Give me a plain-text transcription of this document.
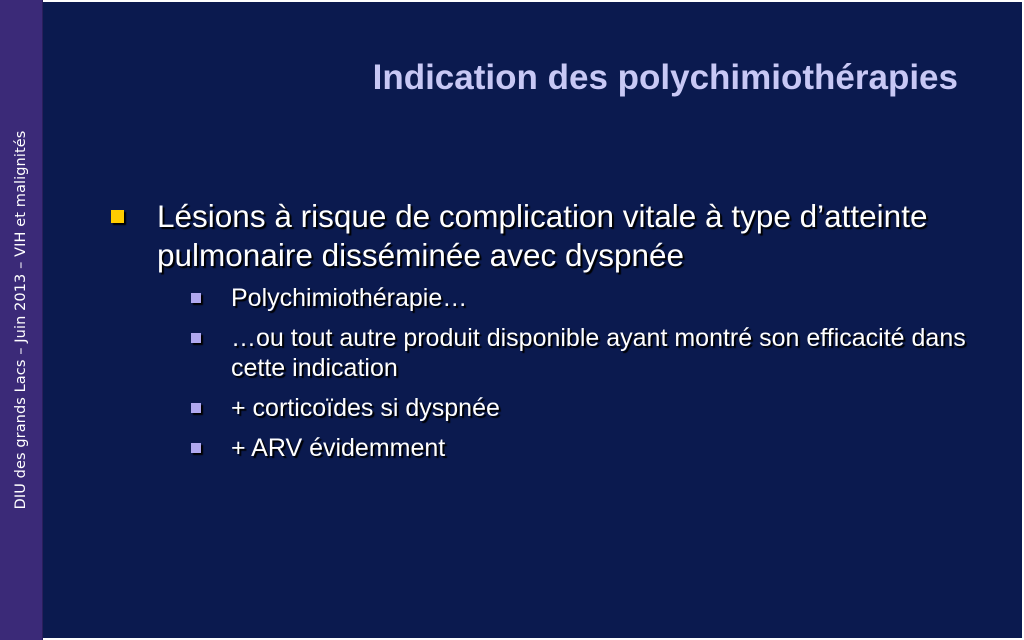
DIU des grands Lacs – Juin 2013 – VIH et malignités
Indication des polychimiothérapies
Lésions à risque de complication vitale à type d’atteinte pulmonaire disséminée avec dyspnée
Polychimiothérapie…
…ou tout autre produit disponible ayant montré son efficacité dans cette indication
+ corticoïdes si dyspnée
+ ARV évidemment
